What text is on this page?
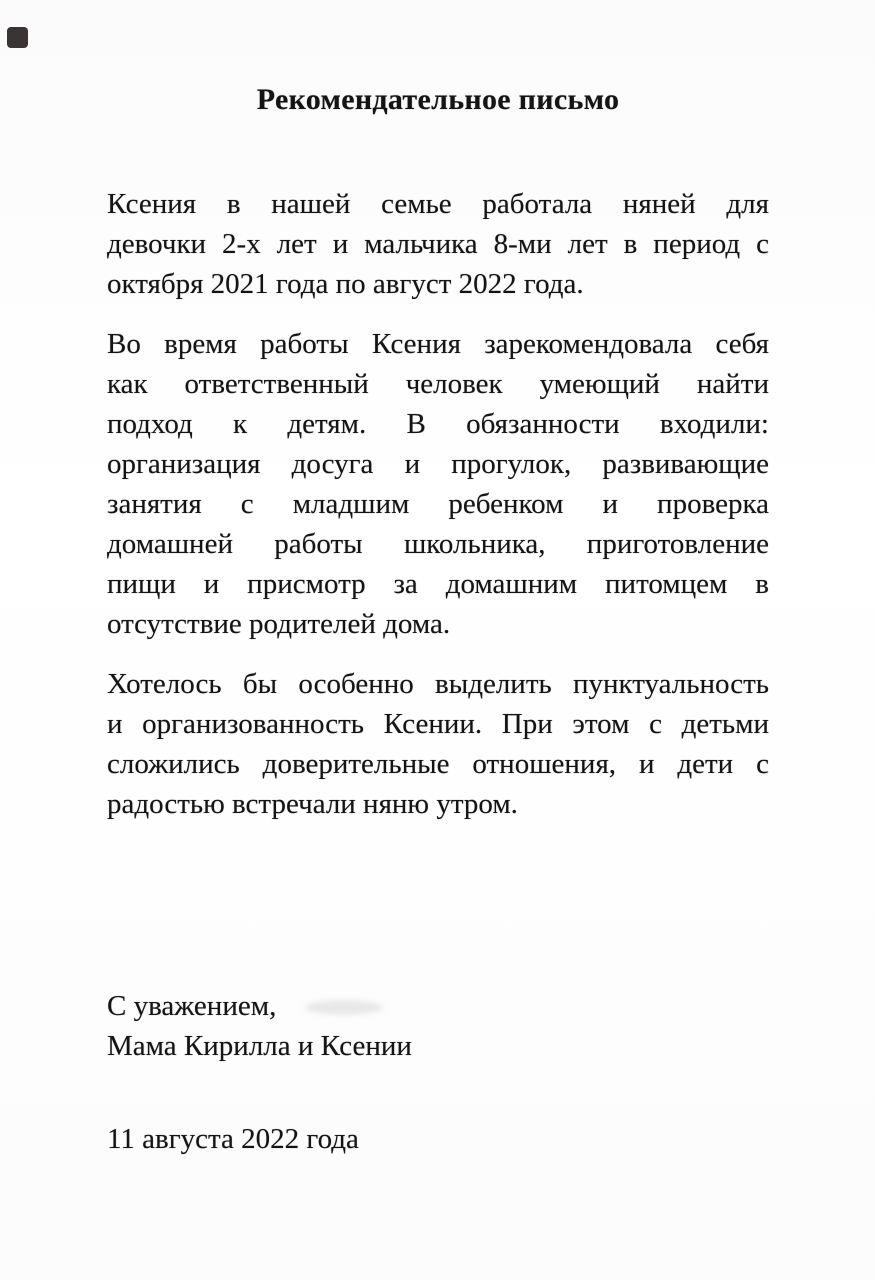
Рекомендательное письмо
Ксения в нашей семье работала няней для
девочки 2-х лет и мальчика 8-ми лет в период с
октября 2021 года по август 2022 года.
Во время работы Ксения зарекомендовала себя
как ответственный человек умеющий найти
подход к детям. В обязанности входили:
организация досуга и прогулок, развивающие
занятия с младшим ребенком и проверка
домашней работы школьника, приготовление
пищи и присмотр за домашним питомцем в
отсутствие родителей дома.
Хотелось бы особенно выделить пунктуальность
и организованность Ксении. При этом с детьми
сложились доверительные отношения, и дети с
радостью встречали няню утром.
С уважением,
Мама Кирилла и Ксении
11 августа 2022 года
